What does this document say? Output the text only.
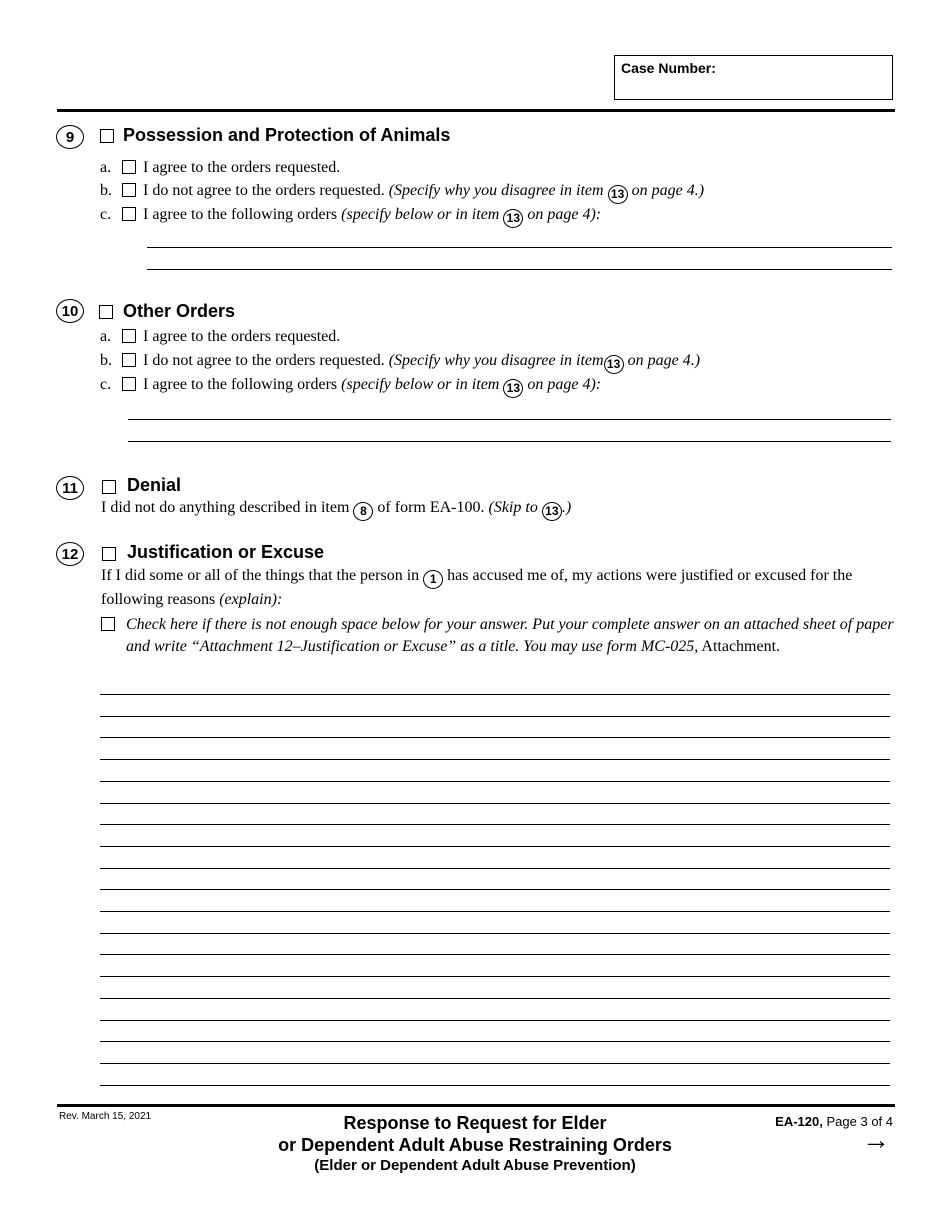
Case Number:
9	Possession and Protection of Animals
a. I agree to the orders requested.
b. I do not agree to the orders requested. (Specify why you disagree in item 13 on page 4.)
c. I agree to the following orders (specify below or in item 13 on page 4):
10 Other Orders
a. I agree to the orders requested.
b. I do not agree to the orders requested. (Specify why you disagree in item 13 on page 4.)
c. I agree to the following orders (specify below or in item 13 on page 4):
11	Denial
I did not do anything described in item 8 of form EA-100. (Skip to 13 .)
12	Justification or Excuse
If I did some or all of the things that the person in 1 has accused me of, my actions were justified or excused for the following reasons (explain):
Check here if there is not enough space below for your answer. Put your complete answer on an attached sheet of paper and write “Attachment 12–Justification or Excuse” as a title. You may use form MC-025, Attachment.
Rev. March 15, 2021	Response to Request for Elder
or Dependent Adult Abuse Restraining Orders
(Elder or Dependent Adult Abuse Prevention)
EA-120, Page 3 of 4
→
